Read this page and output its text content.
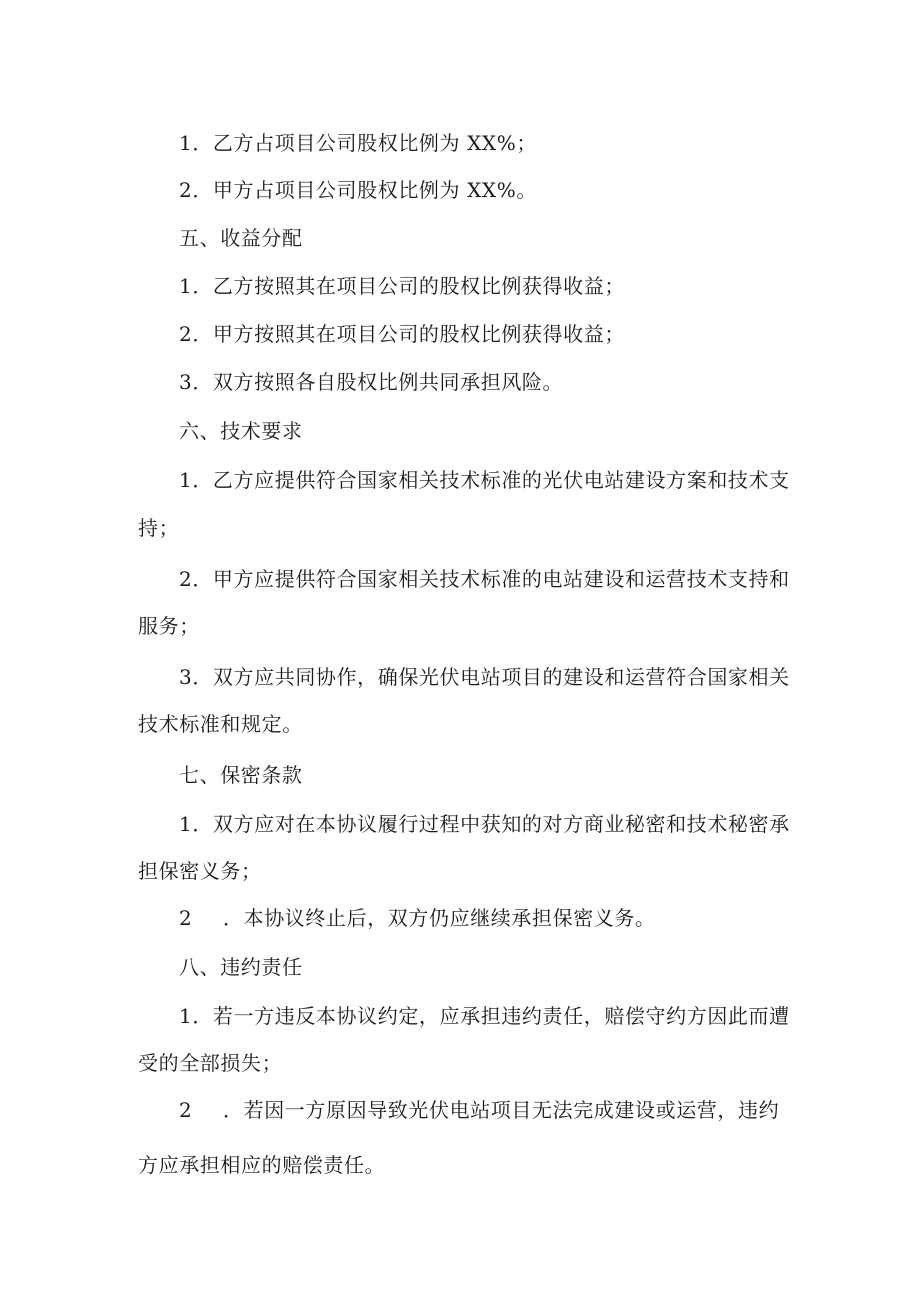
1．乙方占项目公司股权比例为 XX%；
2．甲方占项目公司股权比例为 XX%。
五、收益分配
1．乙方按照其在项目公司的股权比例获得收益；
2．甲方按照其在项目公司的股权比例获得收益；
3．双方按照各自股权比例共同承担风险。
六、技术要求
1．乙方应提供符合国家相关技术标准的光伏电站建设方案和技术支
持；
2．甲方应提供符合国家相关技术标准的电站建设和运营技术支持和
服务；
3．双方应共同协作，确保光伏电站项目的建设和运营符合国家相关
技术标准和规定。
七、保密条款
1．双方应对在本协议履行过程中获知的对方商业秘密和技术秘密承
担保密义务；
2 ．本协议终止后，双方仍应继续承担保密义务。
八、违约责任
1．若一方违反本协议约定，应承担违约责任，赔偿守约方因此而遭
受的全部损失；
2 ．若因一方原因导致光伏电站项目无法完成建设或运营，违约
方应承担相应的赔偿责任。
